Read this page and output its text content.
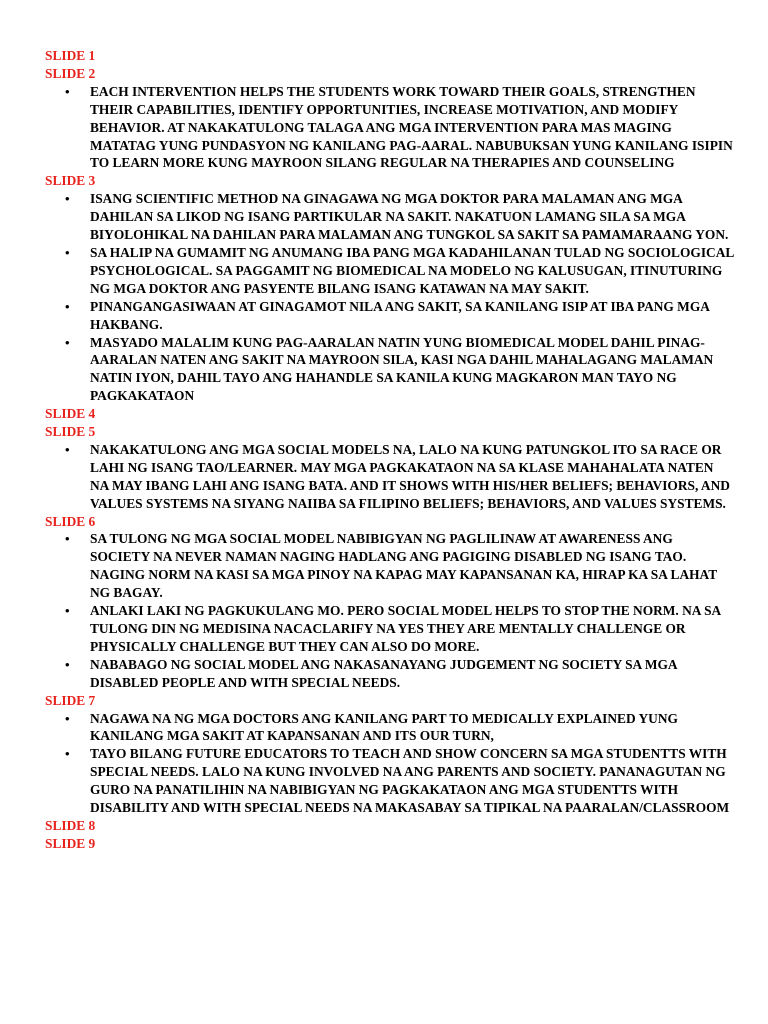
SLIDE 1
SLIDE 2
• EACH INTERVENTION HELPS THE STUDENTS WORK TOWARD THEIR GOALS, STRENGTHEN THEIR CAPABILITIES, IDENTIFY OPPORTUNITIES, INCREASE MOTIVATION, AND MODIFY BEHAVIOR. AT NAKAKATULONG TALAGA ANG MGA INTERVENTION PARA MAS MAGING MATATAG YUNG PUNDASYON NG KANILANG PAG-AARAL. NABUBUKSAN YUNG KANILANG ISIPIN TO LEARN MORE KUNG MAYROON SILANG REGULAR NA THERAPIES AND COUNSELING
SLIDE 3
• ISANG SCIENTIFIC METHOD NA GINAGAWA NG MGA DOKTOR PARA MALAMAN ANG MGA DAHILAN SA LIKOD NG ISANG PARTIKULAR NA SAKIT. NAKATUON LAMANG SILA SA MGA BIYOLOHIKAL NA DAHILAN PARA MALAMAN ANG TUNGKOL SA SAKIT SA PAMAMARAANG YON.
• SA HALIP NA GUMAMIT NG ANUMANG IBA PANG MGA KADAHILANAN TULAD NG SOCIOLOGICAL PSYCHOLOGICAL. SA PAGGAMIT NG BIOMEDICAL NA MODELO NG KALUSUGAN, ITINUTURING NG MGA DOKTOR ANG PASYENTE BILANG ISANG KATAWAN NA MAY SAKIT.
• PINANGANGASIWAAN AT GINAGAMOT NILA ANG SAKIT, SA KANILANG ISIP AT IBA PANG MGA HAKBANG.
• MASYADO MALALIM KUNG PAG-AARALAN NATIN YUNG BIOMEDICAL MODEL DAHIL PINAG-AARALAN NATEN ANG SAKIT NA MAYROON SILA, KASI NGA DAHIL MAHALAGANG MALAMAN NATIN IYON, DAHIL TAYO ANG HAHANDLE SA KANILA KUNG MAGKARON MAN TAYO NG PAGKAKATAON
SLIDE 4
SLIDE 5
• NAKAKATULONG ANG MGA SOCIAL MODELS NA, LALO NA KUNG PATUNGKOL ITO SA RACE OR LAHI NG ISANG TAO/LEARNER. MAY MGA PAGKAKATAON NA SA KLASE MAHAHALATA NATEN NA MAY IBANG LAHI ANG ISANG BATA. AND IT SHOWS WITH HIS/HER BELIEFS; BEHAVIORS, AND VALUES SYSTEMS NA SIYANG NAIIBA SA FILIPINO BELIEFS; BEHAVIORS, AND VALUES SYSTEMS.
SLIDE 6
• SA TULONG NG MGA SOCIAL MODEL NABIBIGYAN NG PAGLILINAW AT AWARENESS ANG SOCIETY NA NEVER NAMAN NAGING HADLANG ANG PAGIGING DISABLED NG ISANG TAO. NAGING NORM NA KASI SA MGA PINOY NA KAPAG MAY KAPANSANAN KA, HIRAP KA SA LAHAT NG BAGAY.
• ANLAKI LAKI NG PAGKUKULANG MO. PERO SOCIAL MODEL HELPS TO STOP THE NORM. NA SA TULONG DIN NG MEDISINA NACACLARIFY NA YES THEY ARE MENTALLY CHALLENGE OR PHYSICALLY CHALLENGE BUT THEY CAN ALSO DO MORE.
• NABABAGO NG SOCIAL MODEL ANG NAKASANAYANG JUDGEMENT NG SOCIETY SA MGA DISABLED PEOPLE AND WITH SPECIAL NEEDS.
SLIDE 7
• NAGAWA NA NG MGA DOCTORS ANG KANILANG PART TO MEDICALLY EXPLAINED YUNG KANILANG MGA SAKIT AT KAPANSANAN AND ITS OUR TURN,
• TAYO BILANG FUTURE EDUCATORS TO TEACH AND SHOW CONCERN SA MGA STUDENTTS WITH SPECIAL NEEDS. LALO NA KUNG INVOLVED NA ANG PARENTS AND SOCIETY. PANANAGUTAN NG GURO NA PANATILIHIN NA NABIBIGYAN NG PAGKAKATAON ANG MGA STUDENTTS WITH DISABILITY AND WITH SPECIAL NEEDS NA MAKASABAY SA TIPIKAL NA PAARALAN/CLASSROOM
SLIDE 8
SLIDE 9
